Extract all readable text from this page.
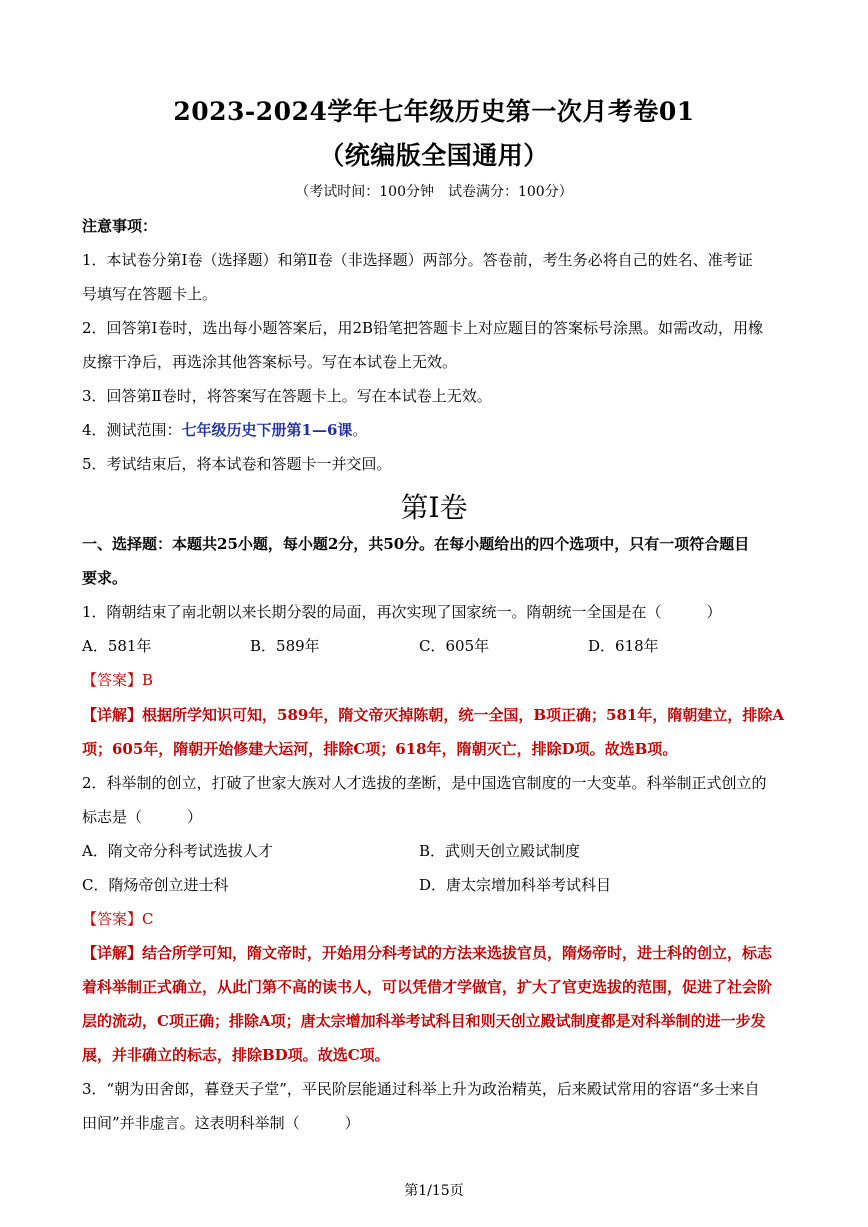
2023-2024学年七年级历史第一次月考卷01
（统编版全国通用）
（考试时间：100分钟　试卷满分：100分）
注意事项：
1．本试卷分第Ⅰ卷（选择题）和第Ⅱ卷（非选择题）两部分。答卷前，考生务必将自己的姓名、准考证
号填写在答题卡上。
2．回答第Ⅰ卷时，选出每小题答案后，用2B铅笔把答题卡上对应题目的答案标号涂黑。如需改动，用橡
皮擦干净后，再选涂其他答案标号。写在本试卷上无效。
3．回答第Ⅱ卷时，将答案写在答题卡上。写在本试卷上无效。
4．测试范围：七年级历史下册第1—6课。
5．考试结束后，将本试卷和答题卡一并交回。
第Ⅰ卷
一、选择题：本题共25小题，每小题2分，共50分。在每小题给出的四个选项中，只有一项符合题目
要求。
1．隋朝结束了南北朝以来长期分裂的局面，再次实现了国家统一。隋朝统一全国是在（　　　）
A．581年	B．589年	C．605年	D．618年
【答案】B
【详解】根据所学知识可知，589年，隋文帝灭掉陈朝，统一全国，B项正确；581年，隋朝建立，排除A
项；605年，隋朝开始修建大运河，排除C项；618年，隋朝灭亡，排除D项。故选B项。
2．科举制的创立，打破了世家大族对人才选拔的垄断，是中国选官制度的一大变革。科举制正式创立的
标志是（　　　）
A．隋文帝分科考试选拔人才	B．武则天创立殿试制度
C．隋炀帝创立进士科	D．唐太宗增加科举考试科目
【答案】C
【详解】结合所学可知，隋文帝时，开始用分科考试的方法来选拔官员，隋炀帝时，进士科的创立，标志
着科举制正式确立，从此门第不高的读书人，可以凭借才学做官，扩大了官吏选拔的范围，促进了社会阶
层的流动，C项正确；排除A项；唐太宗增加科举考试科目和则天创立殿试制度都是对科举制的进一步发
展，并非确立的标志，排除BD项。故选C项。
3．“朝为田舍郎，暮登天子堂”，平民阶层能通过科举上升为政治精英，后来殿试常用的容语“多士来自
田间”并非虚言。这表明科举制（　　　）
第1/15页
